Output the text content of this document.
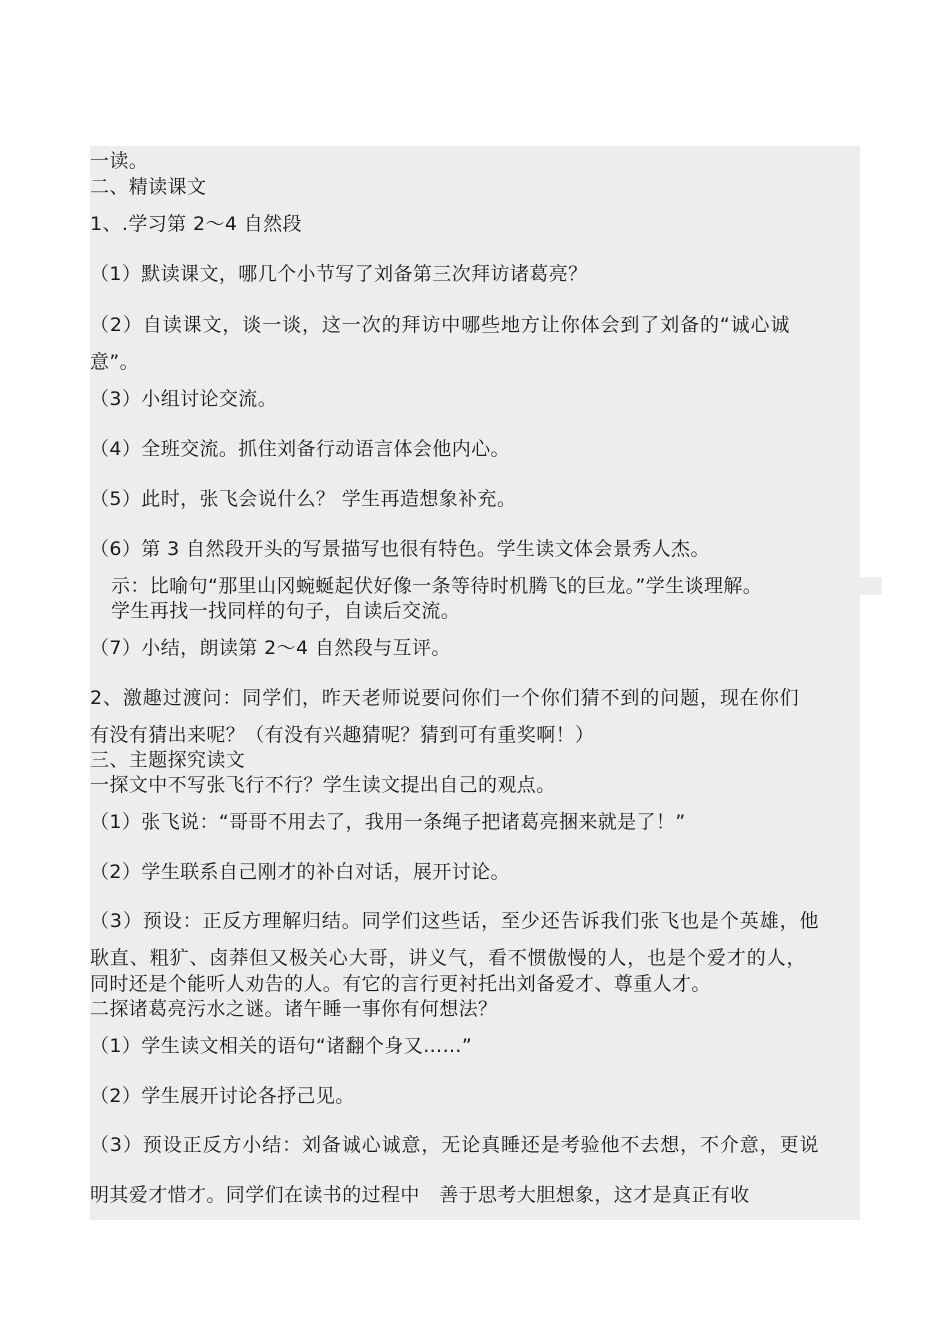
一读。
二、精读课文
1、.学习第 2～4 自然段
（1）默读课文，哪几个小节写了刘备第三次拜访诸葛亮？
（2）自读课文，谈一谈，这一次的拜访中哪些地方让你体会到了刘备的“诚心诚
意”。
（3）小组讨论交流。
（4）全班交流。抓住刘备行动语言体会他内心。
（5）此时，张飞会说什么？ 学生再造想象补充。
（6）第 3 自然段开头的写景描写也很有特色。学生读文体会景秀人杰。
示：比喻句“那里山冈蜿蜒起伏好像一条等待时机腾飞的巨龙。”学生谈理解。
学生再找一找同样的句子，自读后交流。
（7）小结，朗读第 2～4 自然段与互评。
2、激趣过渡问：同学们，昨天老师说要问你们一个你们猜不到的问题，现在你们
有没有猜出来呢？（有没有兴趣猜呢？猜到可有重奖啊！）
三、主题探究读文
一探文中不写张飞行不行？学生读文提出自己的观点。
（1）张飞说：“哥哥不用去了，我用一条绳子把诸葛亮捆来就是了！”
（2）学生联系自己刚才的补白对话，展开讨论。
（3）预设：正反方理解归结。同学们这些话，至少还告诉我们张飞也是个英雄，他
耿直、粗犷、卤莽但又极关心大哥，讲义气，看不惯傲慢的人，也是个爱才的人，
同时还是个能听人劝告的人。有它的言行更衬托出刘备爱才、尊重人才。
二探诸葛亮污水之谜。诸午睡一事你有何想法？
（1）学生读文相关的语句“诸翻个身又……”
（2）学生展开讨论各抒己见。
（3）预设正反方小结：刘备诚心诚意，无论真睡还是考验他不去想，不介意，更说
明其爱才惜才。同学们在读书的过程中　善于思考大胆想象，这才是真正有收
